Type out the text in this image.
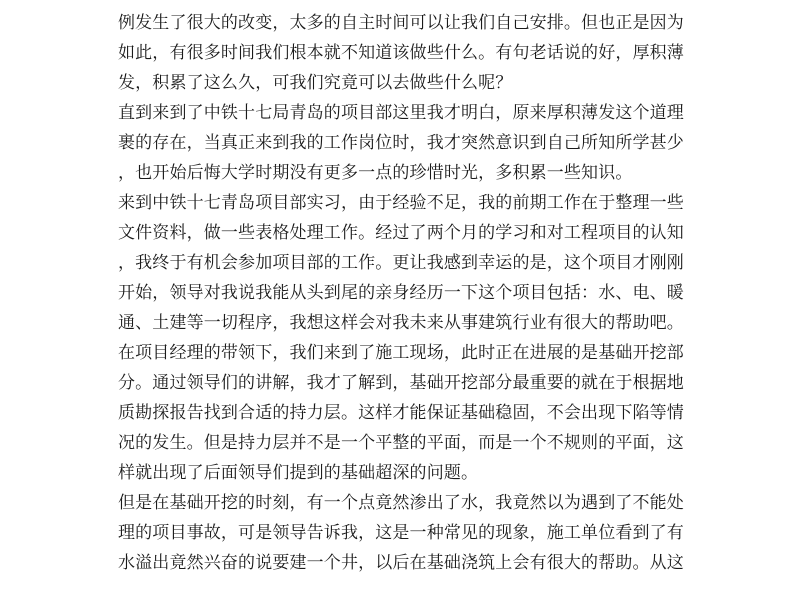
例发生了很大的改变，太多的自主时间可以让我们自己安排。但也正是因为
如此，有很多时间我们根本就不知道该做些什么。有句老话说的好，厚积薄
发，积累了这么久，可我们究竟可以去做些什么呢？
直到来到了中铁十七局青岛的项目部这里我才明白，原来厚积薄发这个道理
裹的存在，当真正来到我的工作岗位时，我才突然意识到自己所知所学甚少
，也开始后悔大学时期没有更多一点的珍惜时光，多积累一些知识。
来到中铁十七青岛项目部实习，由于经验不足，我的前期工作在于整理一些
文件资料，做一些表格处理工作。经过了两个月的学习和对工程项目的认知
，我终于有机会参加项目部的工作。更让我感到幸运的是，这个项目才刚刚
开始，领导对我说我能从头到尾的亲身经历一下这个项目包括：水、电、暖
通、土建等一切程序，我想这样会对我未来从事建筑行业有很大的帮助吧。
在项目经理的带领下，我们来到了施工现场，此时正在进展的是基础开挖部
分。通过领导们的讲解，我才了解到，基础开挖部分最重要的就在于根据地
质勘探报告找到合适的持力层。这样才能保证基础稳固，不会出现下陷等情
况的发生。但是持力层并不是一个平整的平面，而是一个不规则的平面，这
样就出现了后面领导们提到的基础超深的问题。
但是在基础开挖的时刻，有一个点竟然渗出了水，我竟然以为遇到了不能处
理的项目事故，可是领导告诉我，这是一种常见的现象，施工单位看到了有
水溢出竟然兴奋的说要建一个井，以后在基础浇筑上会有很大的帮助。从这
